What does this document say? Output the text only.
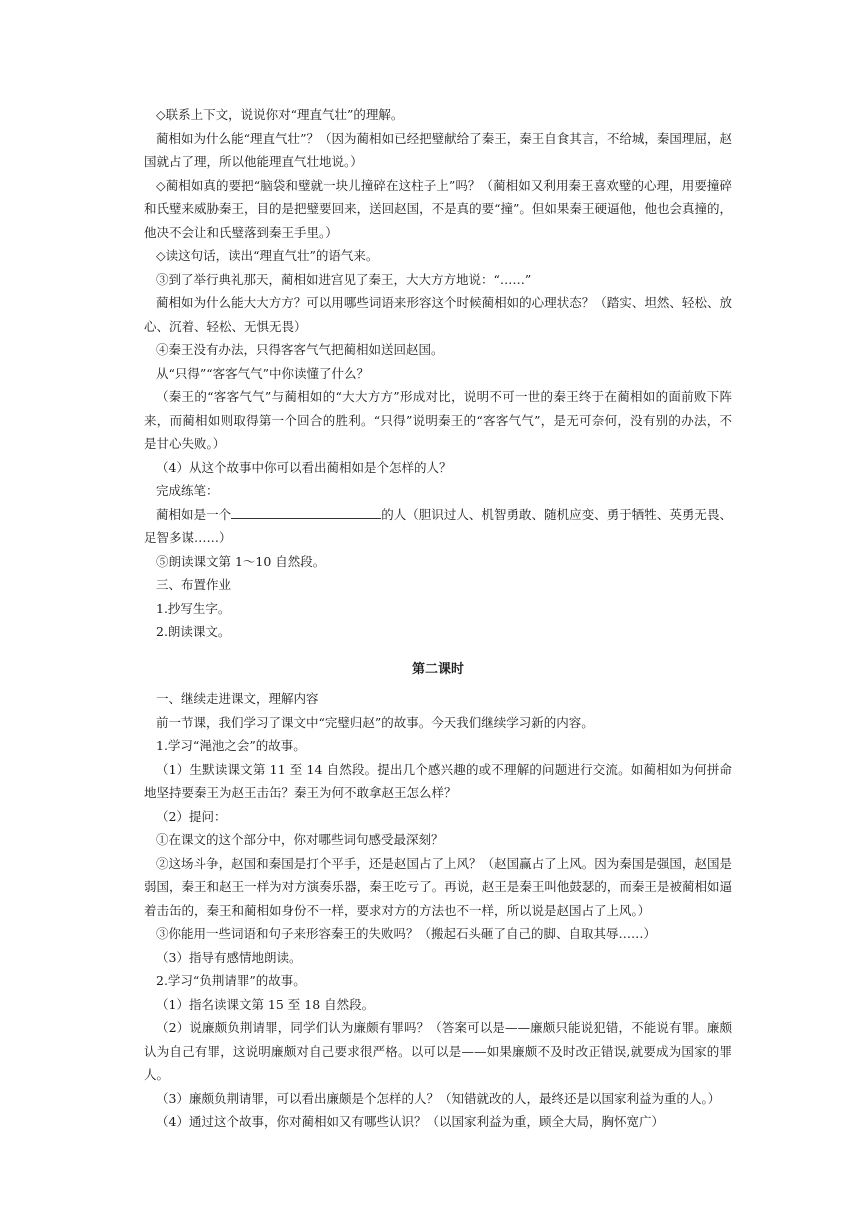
◇联系上下文，说说你对“理直气壮”的理解。

蔺相如为什么能“理直气壮”？（因为蔺相如已经把璧献给了秦王，秦王自食其言，不给城，秦国理屈，赵国就占了理，所以他能理直气壮地说。）

◇蔺相如真的要把“脑袋和璧就一块儿撞碎在这柱子上”吗？（蔺相如又利用秦王喜欢璧的心理，用要撞碎和氏璧来威胁秦王，目的是把璧要回来，送回赵国，不是真的要“撞”。但如果秦王硬逼他，他也会真撞的，他决不会让和氏璧落到秦王手里。）

◇读这句话，读出“理直气壮”的语气来。

③到了举行典礼那天，蔺相如进宫见了秦王，大大方方地说：“……”

蔺相如为什么能大大方方？可以用哪些词语来形容这个时候蔺相如的心理状态？（踏实、坦然、轻松、放心、沉着、轻松、无惧无畏）

④秦王没有办法，只得客客气气把蔺相如送回赵国。

从“只得”“客客气气”中你读懂了什么？

（秦王的“客客气气”与蔺相如的“大大方方”形成对比，说明不可一世的秦王终于在蔺相如的面前败下阵来，而蔺相如则取得第一个回合的胜利。“只得”说明秦王的“客客气气”，是无可奈何，没有别的办法，不是甘心失败。）

（4）从这个故事中你可以看出蔺相如是个怎样的人？

完成练笔：

蔺相如是一个	的人（胆识过人、机智勇敢、随机应变、勇于牺牲、英勇无畏、足智多谋……）

⑤朗读课文第 1～10 自然段。

三、布置作业

1.抄写生字。

2.朗读课文。

第二课时

一、继续走进课文，理解内容

前一节课，我们学习了课文中“完璧归赵”的故事。今天我们继续学习新的内容。

1.学习“渑池之会”的故事。

（1）生默读课文第 11 至 14 自然段。提出几个感兴趣的或不理解的问题进行交流。如蔺相如为何拼命地坚持要秦王为赵王击缶？秦王为何不敢拿赵王怎么样？

（2）提问：

①在课文的这个部分中，你对哪些词句感受最深刻？

②这场斗争，赵国和秦国是打个平手，还是赵国占了上风？（赵国赢占了上风。因为秦国是强国，赵国是弱国，秦王和赵王一样为对方演奏乐器，秦王吃亏了。再说，赵王是秦王叫他鼓瑟的，而秦王是被蔺相如逼着击缶的，秦王和蔺相如身份不一样，要求对方的方法也不一样，所以说是赵国占了上风。）

③你能用一些词语和句子来形容秦王的失败吗？（搬起石头砸了自己的脚、自取其辱……）

（3）指导有感情地朗读。

2.学习“负荆请罪”的故事。

（1）指名读课文第 15 至 18 自然段。

（2）说廉颇负荆请罪，同学们认为廉颇有罪吗？（答案可以是——廉颇只能说犯错，不能说有罪。廉颇认为自己有罪，这说明廉颇对自己要求很严格。以可以是——如果廉颇不及时改正错误,就要成为国家的罪人。

（3）廉颇负荆请罪，可以看出廉颇是个怎样的人？（知错就改的人，最终还是以国家利益为重的人。）

（4）通过这个故事，你对蔺相如又有哪些认识？（以国家利益为重，顾全大局，胸怀宽广）
